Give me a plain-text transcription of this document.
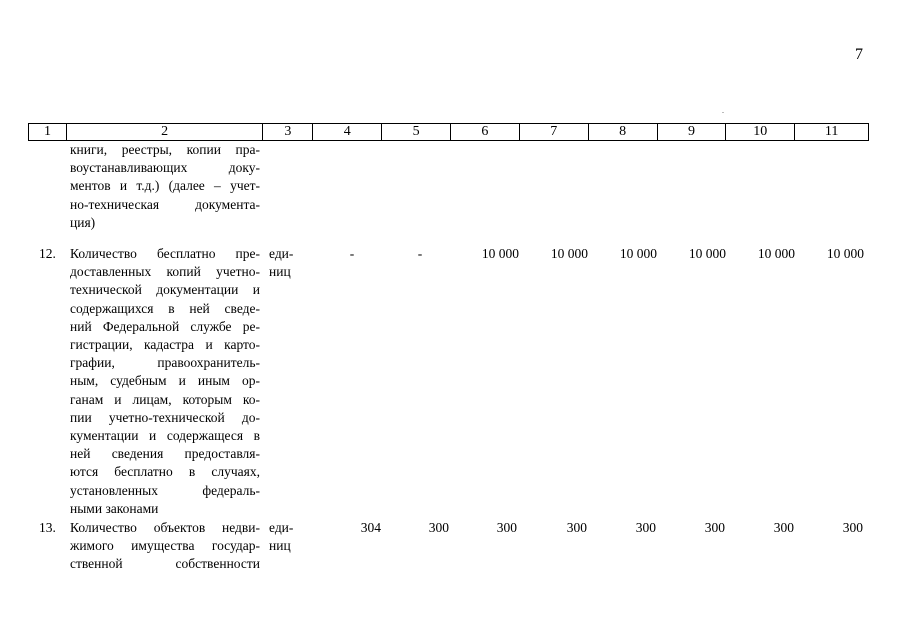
7
1	2	3	4	5	6	7	8	9	10	11
книги, реестры, копии пра-
воустанавливающих доку-
ментов и т.д.) (далее – учет-
но-техническая документа-
ция)
12. Количество бесплатно пре-
доставленных копий учетно-
технической документации и
содержащихся в ней сведе-
ний Федеральной службе ре-
гистрации, кадастра и карто-
графии, правоохранитель-
ным, судебным и иным ор-
ганам и лицам, которым ко-
пии учетно-технической до-
кументации и содержащеся в
ней сведения предоставля-
ются бесплатно в случаях,
установленных федераль-
ными законами
еди-
ниц
-	-	10 000	10 000	10 000	10 000	10 000	10 000
13. Количество объектов недви-
жимого имущества государ-
ственной собственности
еди-
ниц
304	300	300	300	300	300	300	300
